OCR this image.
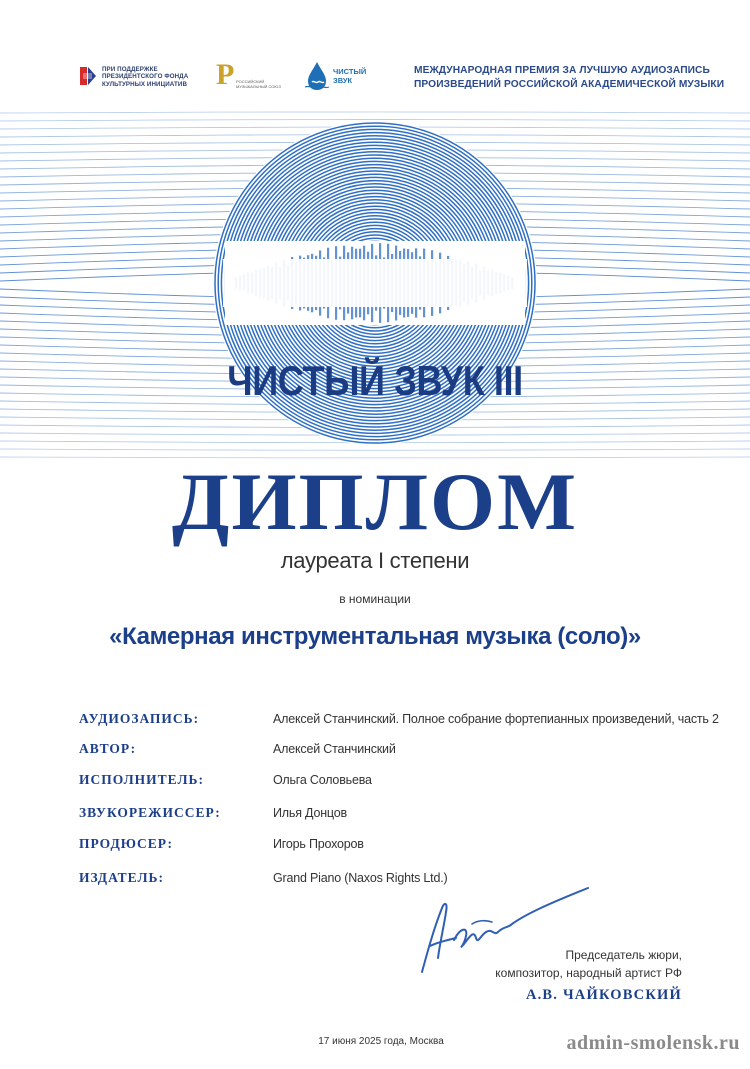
ПРИ ПОДДЕРЖКЕ
ПРЕЗИДЕНТСКОГО ФОНДА
КУЛЬТУРНЫХ ИНИЦИАТИВ Р РОССИЙСКИЙ
МУЗЫКАЛЬНЫЙ СОЮЗ
ЧИСТЫЙ
ЗВУК
МЕЖДУНАРОДНАЯ ПРЕМИЯ ЗА ЛУЧШУЮ АУДИОЗАПИСЬ
ПРОИЗВЕДЕНИЙ РОССИЙСКОЙ АКАДЕМИЧЕСКОЙ МУЗЫКИ
ЧИСТЫЙ ЗВУК III
ДИПЛОМ
лауреата I степени
в номинации
«Камерная инструментальная музыка (соло)»
АУДИОЗАПИСЬ:	Алексей Станчинский. Полное собрание фортепианных произведений, часть 2
АВТОР:	Алексей Станчинский
ИСПОЛНИТЕЛЬ:	Ольга Соловьева
ЗВУКОРЕЖИССЕР:	Илья Донцов
ПРОДЮСЕР:	Игорь Прохоров
ИЗДАТЕЛЬ:	Grand Piano (Naxos Rights Ltd.)
Председатель жюри,
композитор, народный артист РФ
А.В. ЧАЙКОВСКИЙ
17 июня 2025 года, Москва	admin-smolensk.ru
